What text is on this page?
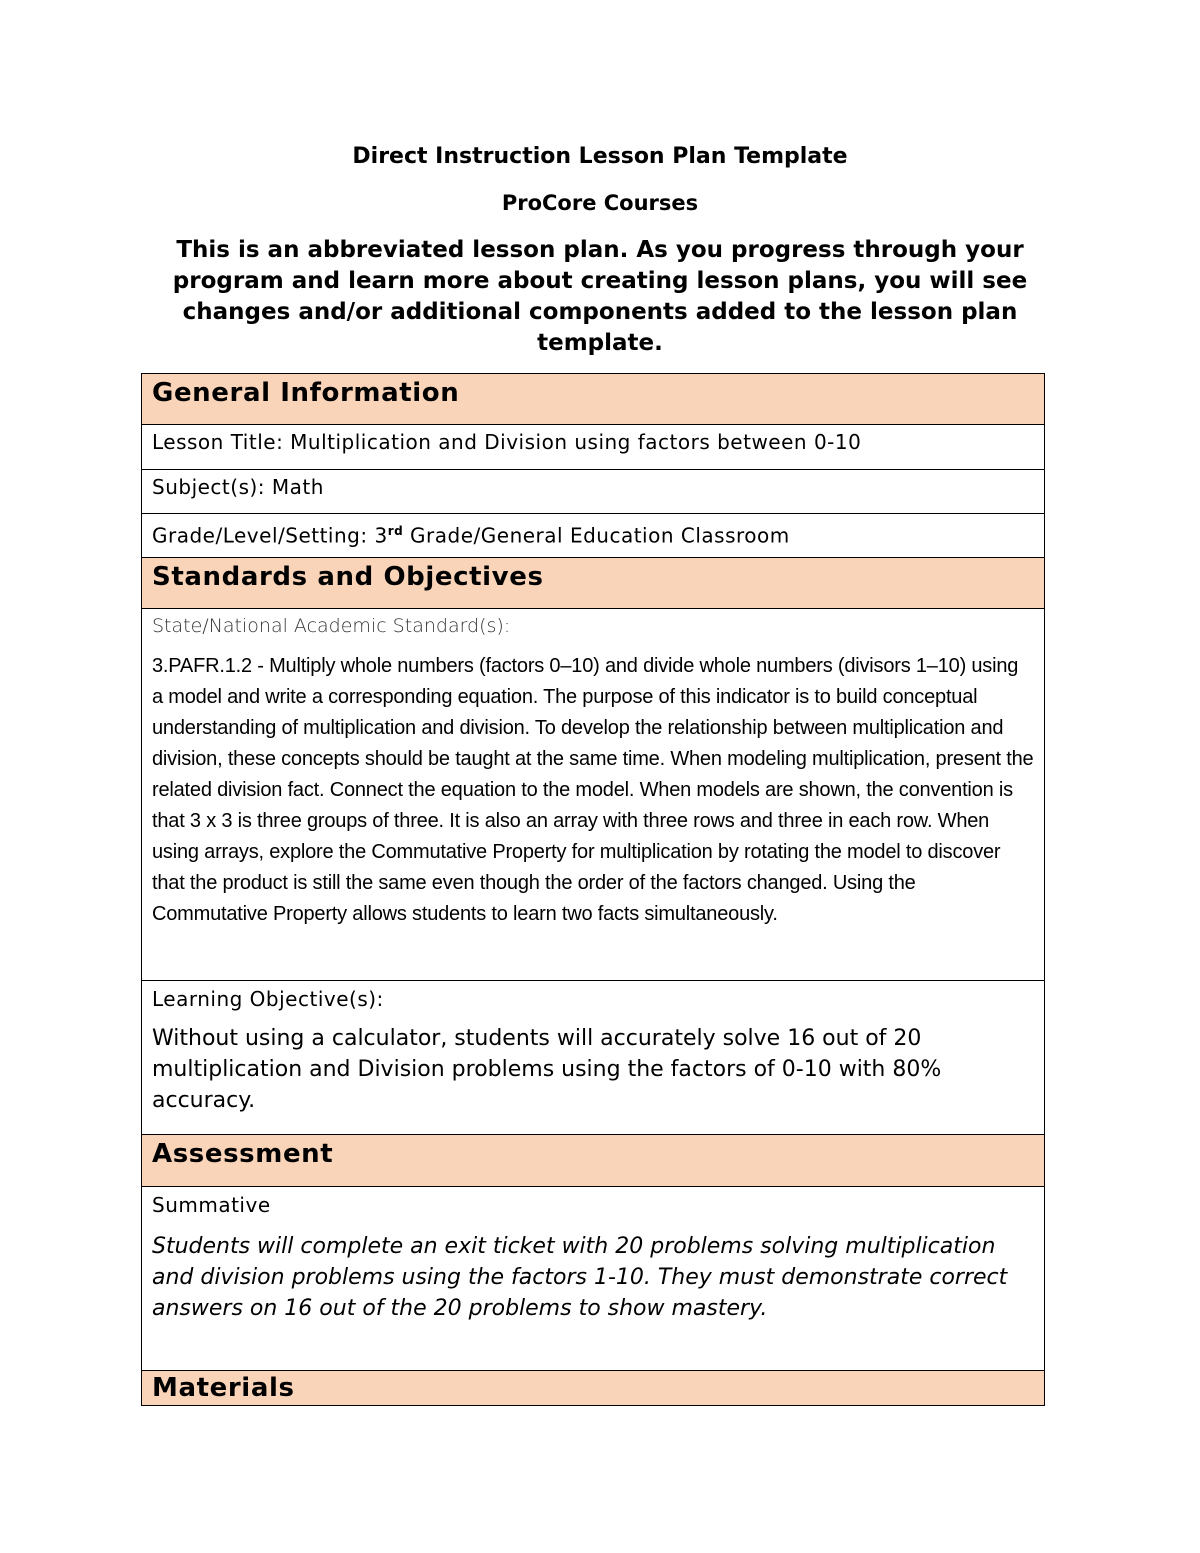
Direct Instruction Lesson Plan Template
ProCore Courses
This is an abbreviated lesson plan. As you progress through your program and learn more about creating lesson plans, you will see changes and/or additional components added to the lesson plan template.
General Information
Lesson Title: Multiplication and Division using factors between 0-10
Subject(s): Math
Grade/Level/Setting: 3rd Grade/General Education Classroom
Standards and Objectives

State/National Academic Standard(s):
3.PAFR.1.2 - Multiply whole numbers (factors 0–10) and divide whole numbers (divisors 1–10) using a model and write a corresponding equation. The purpose of this indicator is to build conceptual understanding of multiplication and division. To develop the relationship between multiplication and division, these concepts should be taught at the same time. When modeling multiplication, present the related division fact. Connect the equation to the model. When models are shown, the convention is that 3 x 3 is three groups of three. It is also an array with three rows and three in each row. When using arrays, explore the Commutative Property for multiplication by rotating the model to discover that the product is still the same even though the order of the factors changed. Using the Commutative Property allows students to learn two facts simultaneously.

Learning Objective(s):
Without using a calculator, students will accurately solve 16 out of 20 multiplication and Division problems using the factors of 0-10 with 80% accuracy.

Assessment

Summative
Students will complete an exit ticket with 20 problems solving multiplication and division problems using the factors 1-10. They must demonstrate correct answers on 16 out of the 20 problems to show mastery.

Materials
